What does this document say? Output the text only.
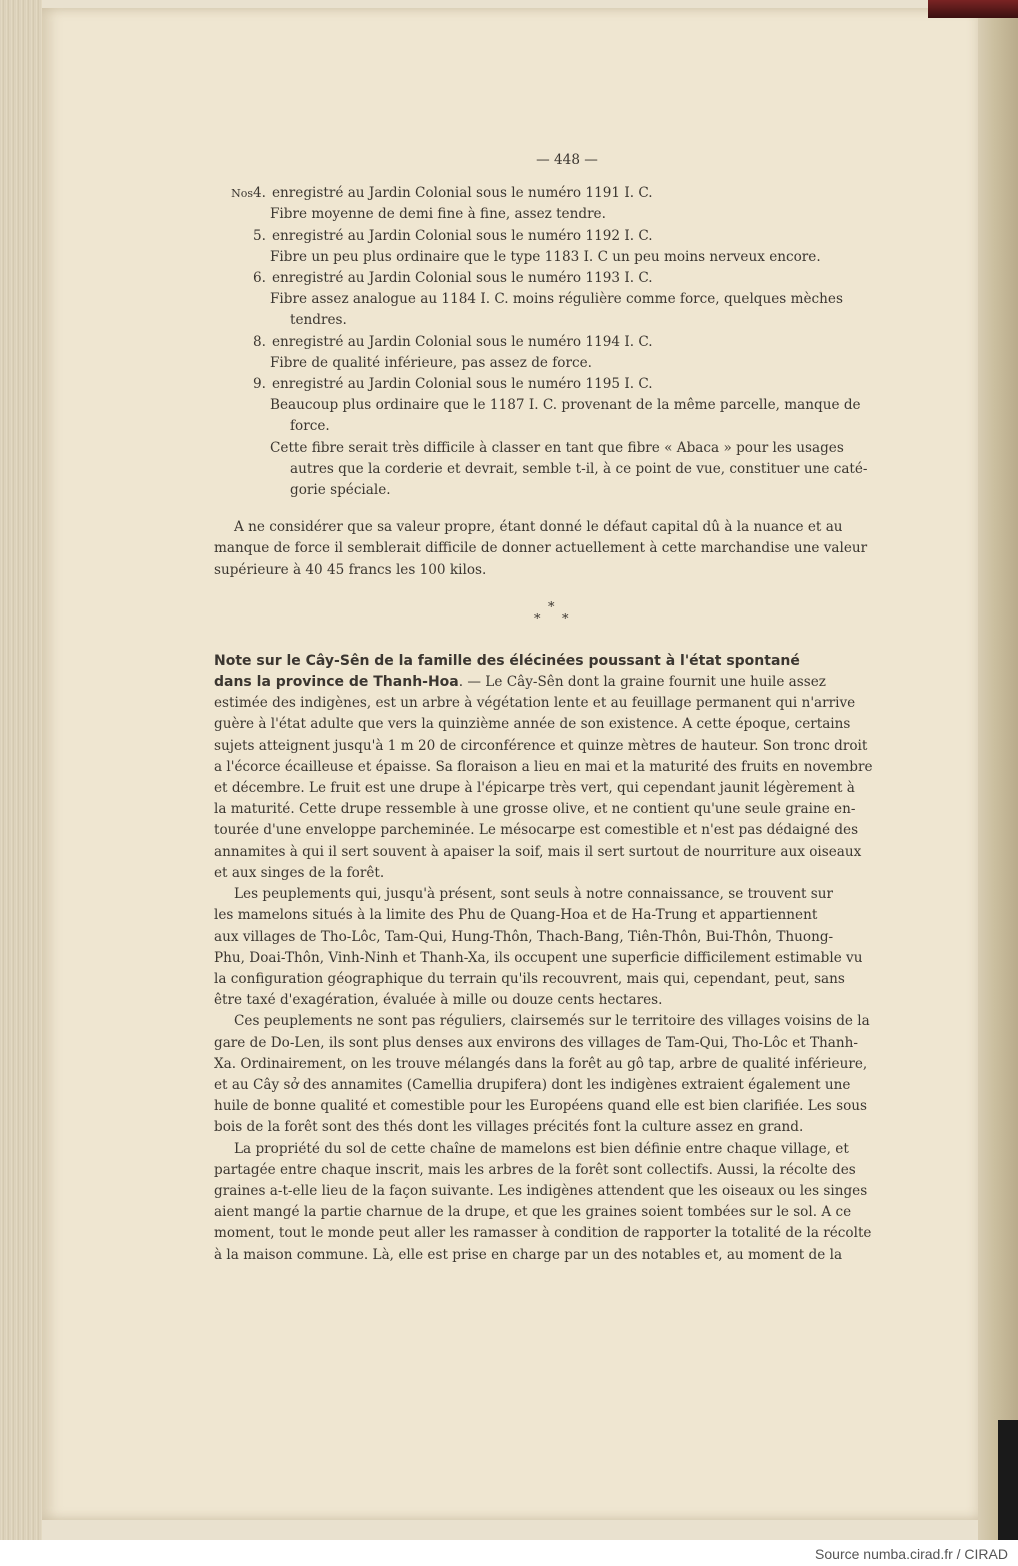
— 448 —
Nos4. enregistré au Jardin Colonial sous le numéro 1191 I. C.
Fibre moyenne de demi fine à fine, assez tendre.
5. enregistré au Jardin Colonial sous le numéro 1192 I. C.
Fibre un peu plus ordinaire que le type 1183 I. C un peu moins nerveux encore.
6. enregistré au Jardin Colonial sous le numéro 1193 I. C.
Fibre assez analogue au 1184 I. C. moins régulière comme force, quelques mèches
tendres.
8. enregistré au Jardin Colonial sous le numéro 1194 I. C.
Fibre de qualité inférieure, pas assez de force.
9. enregistré au Jardin Colonial sous le numéro 1195 I. C.
Beaucoup plus ordinaire que le 1187 I. C. provenant de la même parcelle, manque de
force.
Cette fibre serait très difficile à classer en tant que fibre « Abaca » pour les usages
autres que la corderie et devrait, semble t-il, à ce point de vue, constituer une caté-
gorie spéciale.
A ne considérer que sa valeur propre, étant donné le défaut capital dû à la nuance et au
manque de force il semblerait difficile de donner actuellement à cette marchandise une valeur
supérieure à 40 45 francs les 100 kilos.
*
* *
Note sur le Cây-Sên de la famille des élécinées poussant à l'état spontané
dans la province de Thanh-Hoa. — Le Cây-Sên dont la graine fournit une huile assez
estimée des indigènes, est un arbre à végétation lente et au feuillage permanent qui n'arrive
guère à l'état adulte que vers la quinzième année de son existence. A cette époque, certains
sujets atteignent jusqu'à 1 m 20 de circonférence et quinze mètres de hauteur. Son tronc droit
a l'écorce écailleuse et épaisse. Sa floraison a lieu en mai et la maturité des fruits en novembre
et décembre. Le fruit est une drupe à l'épicarpe très vert, qui cependant jaunit légèrement à
la maturité. Cette drupe ressemble à une grosse olive, et ne contient qu'une seule graine en-
tourée d'une enveloppe parcheminée. Le mésocarpe est comestible et n'est pas dédaigné des
annamites à qui il sert souvent à apaiser la soif, mais il sert surtout de nourriture aux oiseaux
et aux singes de la forêt.
Les peuplements qui, jusqu'à présent, sont seuls à notre connaissance, se trouvent sur
les mamelons situés à la limite des Phu de Quang-Hoa et de Ha-Trung et appartiennent
aux villages de Tho-Lôc, Tam-Qui, Hung-Thôn, Thach-Bang, Tiên-Thôn, Bui-Thôn, Thuong-
Phu, Doai-Thôn, Vinh-Ninh et Thanh-Xa, ils occupent une superficie difficilement estimable vu
la configuration géographique du terrain qu'ils recouvrent, mais qui, cependant, peut, sans
être taxé d'exagération, évaluée à mille ou douze cents hectares.
Ces peuplements ne sont pas réguliers, clairsemés sur le territoire des villages voisins de la
gare de Do-Len, ils sont plus denses aux environs des villages de Tam-Qui, Tho-Lôc et Thanh-
Xa. Ordinairement, on les trouve mélangés dans la forêt au gô tap, arbre de qualité inférieure,
et au Cây sở des annamites (Camellia drupifera) dont les indigènes extraient également une
huile de bonne qualité et comestible pour les Européens quand elle est bien clarifiée. Les sous
bois de la forêt sont des thés dont les villages précités font la culture assez en grand.
La propriété du sol de cette chaîne de mamelons est bien définie entre chaque village, et
partagée entre chaque inscrit, mais les arbres de la forêt sont collectifs. Aussi, la récolte des
graines a-t-elle lieu de la façon suivante. Les indigènes attendent que les oiseaux ou les singes
aient mangé la partie charnue de la drupe, et que les graines soient tombées sur le sol. A ce
moment, tout le monde peut aller les ramasser à condition de rapporter la totalité de la récolte
à la maison commune. Là, elle est prise en charge par un des notables et, au moment de la
Source numba.cirad.fr / CIRAD
